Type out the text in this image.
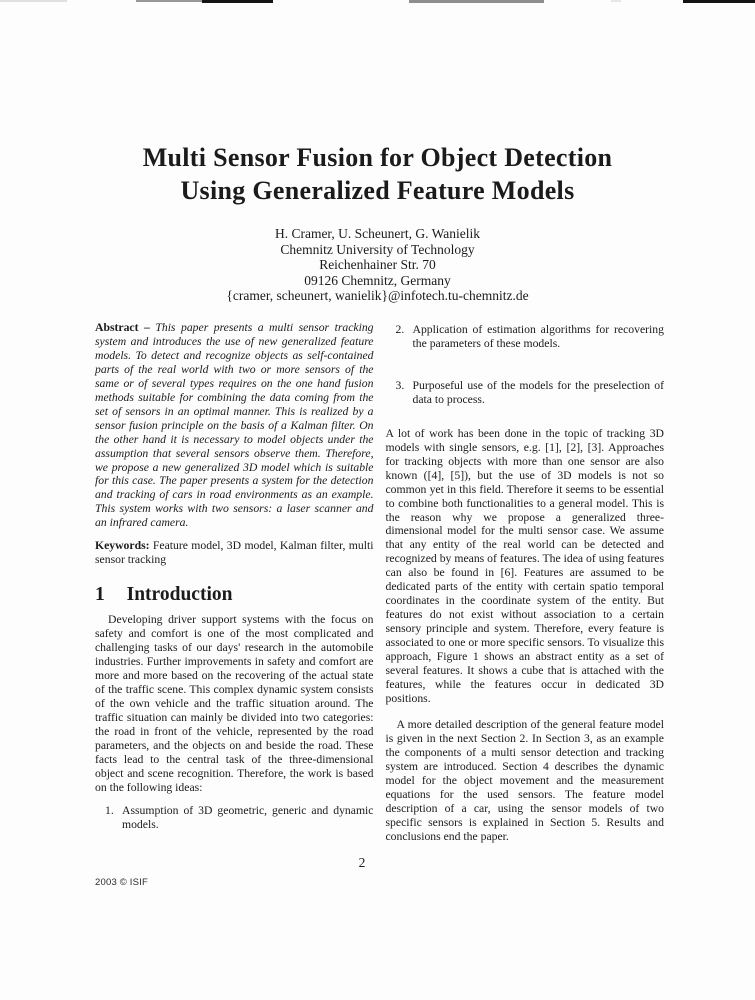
Multi Sensor Fusion for Object Detection
Using Generalized Feature Models
H. Cramer, U. Scheunert, G. Wanielik
Chemnitz University of Technology
Reichenhainer Str. 70
09126 Chemnitz, Germany
{cramer, scheunert, wanielik}@infotech.tu-chemnitz.de

Abstract – This paper presents a multi sensor tracking system and introduces the use of new generalized feature models. To detect and recognize objects as self-contained parts of the real world with two or more sensors of the same or of several types requires on the one hand fusion methods suitable for combining the data coming from the set of sensors in an optimal manner. This is realized by a sensor fusion principle on the basis of a Kalman filter. On the other hand it is necessary to model objects under the assumption that several sensors observe them. Therefore, we propose a new generalized 3D model which is suitable for this case. The paper presents a system for the detection and tracking of cars in road environments as an example. This system works with two sensors: a laser scanner and an infrared camera.

Keywords: Feature model, 3D model, Kalman filter, multi sensor tracking

1 Introduction

Developing driver support systems with the focus on safety and comfort is one of the most complicated and challenging tasks of our days' research in the automobile industries. Further improvements in safety and comfort are more and more based on the recovering of the actual state of the traffic scene. This complex dynamic system consists of the own vehicle and the traffic situation around. The traffic situation can mainly be divided into two categories: the road in front of the vehicle, represented by the road parameters, and the objects on and beside the road. These facts lead to the central task of the three-dimensional object and scene recognition. Therefore, the work is based on the following ideas:

1. Assumption of 3D geometric, generic and dynamic models.
2. Application of estimation algorithms for recovering the parameters of these models.
3. Purposeful use of the models for the preselection of data to process.

A lot of work has been done in the topic of tracking 3D models with single sensors, e.g. [1], [2], [3]. Approaches for tracking objects with more than one sensor are also known ([4], [5]), but the use of 3D models is not so common yet in this field. Therefore it seems to be essential to combine both functionalities to a general model. This is the reason why we propose a generalized three-dimensional model for the multi sensor case. We assume that any entity of the real world can be detected and recognized by means of features. The idea of using features can also be found in [6]. Features are assumed to be dedicated parts of the entity with certain spatio temporal coordinates in the coordinate system of the entity. But features do not exist without association to a certain sensory principle and system. Therefore, every feature is associated to one or more specific sensors. To visualize this approach, Figure 1 shows an abstract entity as a set of several features. It shows a cube that is attached with the features, while the features occur in dedicated 3D positions.

A more detailed description of the general feature model is given in the next Section 2. In Section 3, as an example the components of a multi sensor detection and tracking system are introduced. Section 4 describes the dynamic model for the object movement and the measurement equations for the used sensors. The feature model description of a car, using the sensor models of two specific sensors is explained in Section 5. Results and conclusions end the paper.

2
2003 © ISIF
